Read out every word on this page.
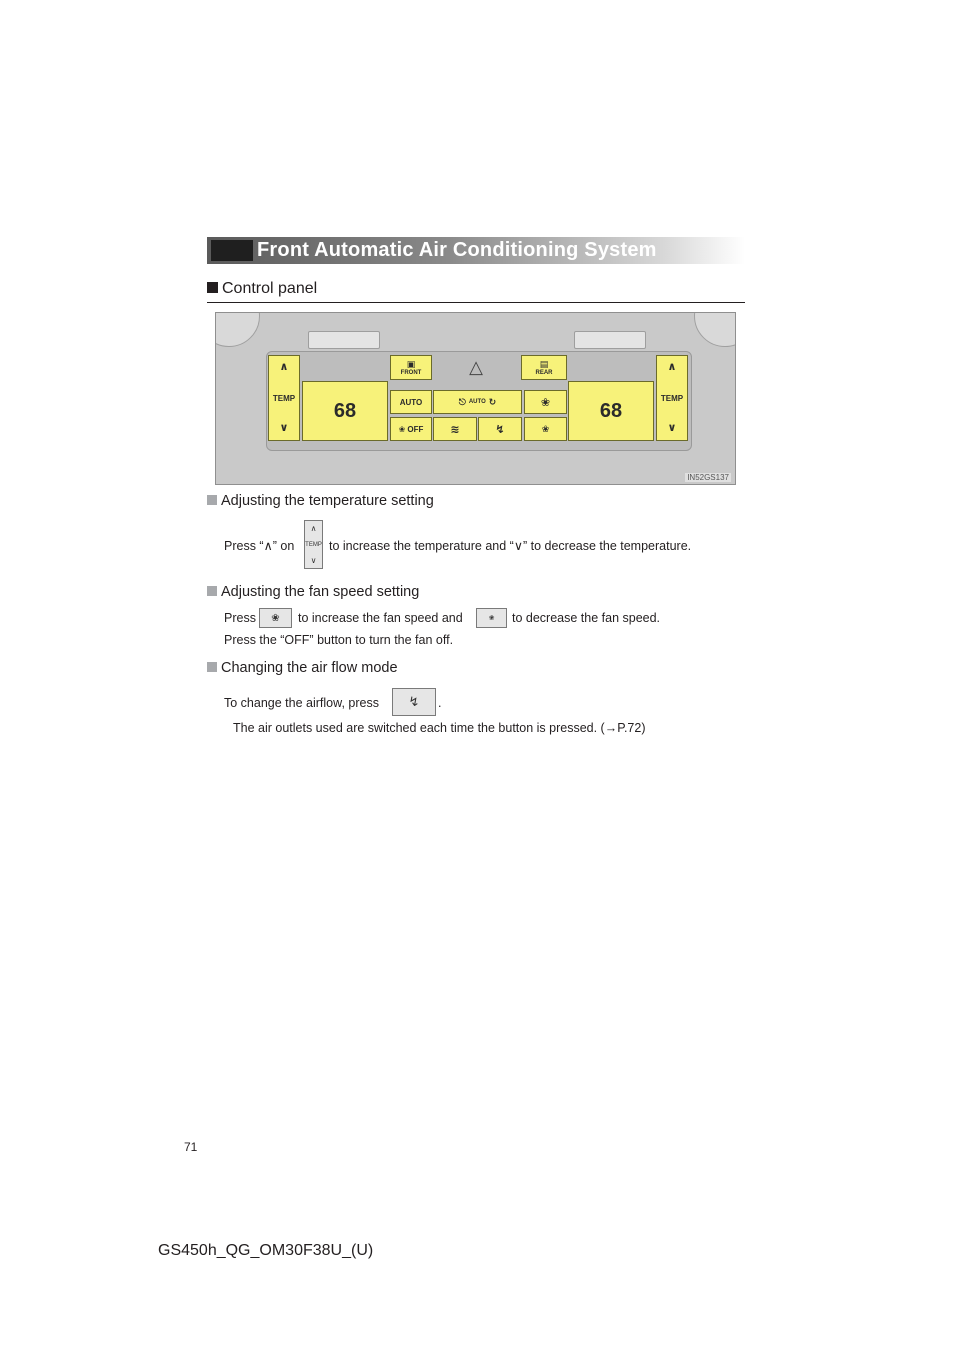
Front Automatic Air Conditioning System
Control panel
∧
TEMP
∨
68
▣
FRONT	△	▤
REAR
AUTO	⎋ AUTO ↻	❀
❀ OFF ≋	↯	❀
68
∧
TEMP
∨
IN52GS137
Adjusting the temperature setting
Press “∧” on
∧
TEMP
∨
to increase the temperature and “∨” to decrease the temperature.
Adjusting the fan speed setting
Press ❀ to increase the fan speed and	❀ to decrease the fan speed.
Press the “OFF” button to turn the fan off.
Changing the air flow mode
To change the airflow, press ↯ .
The air outlets used are switched each time the button is pressed. (→P.72)
71
GS450h_QG_OM30F38U_(U)
